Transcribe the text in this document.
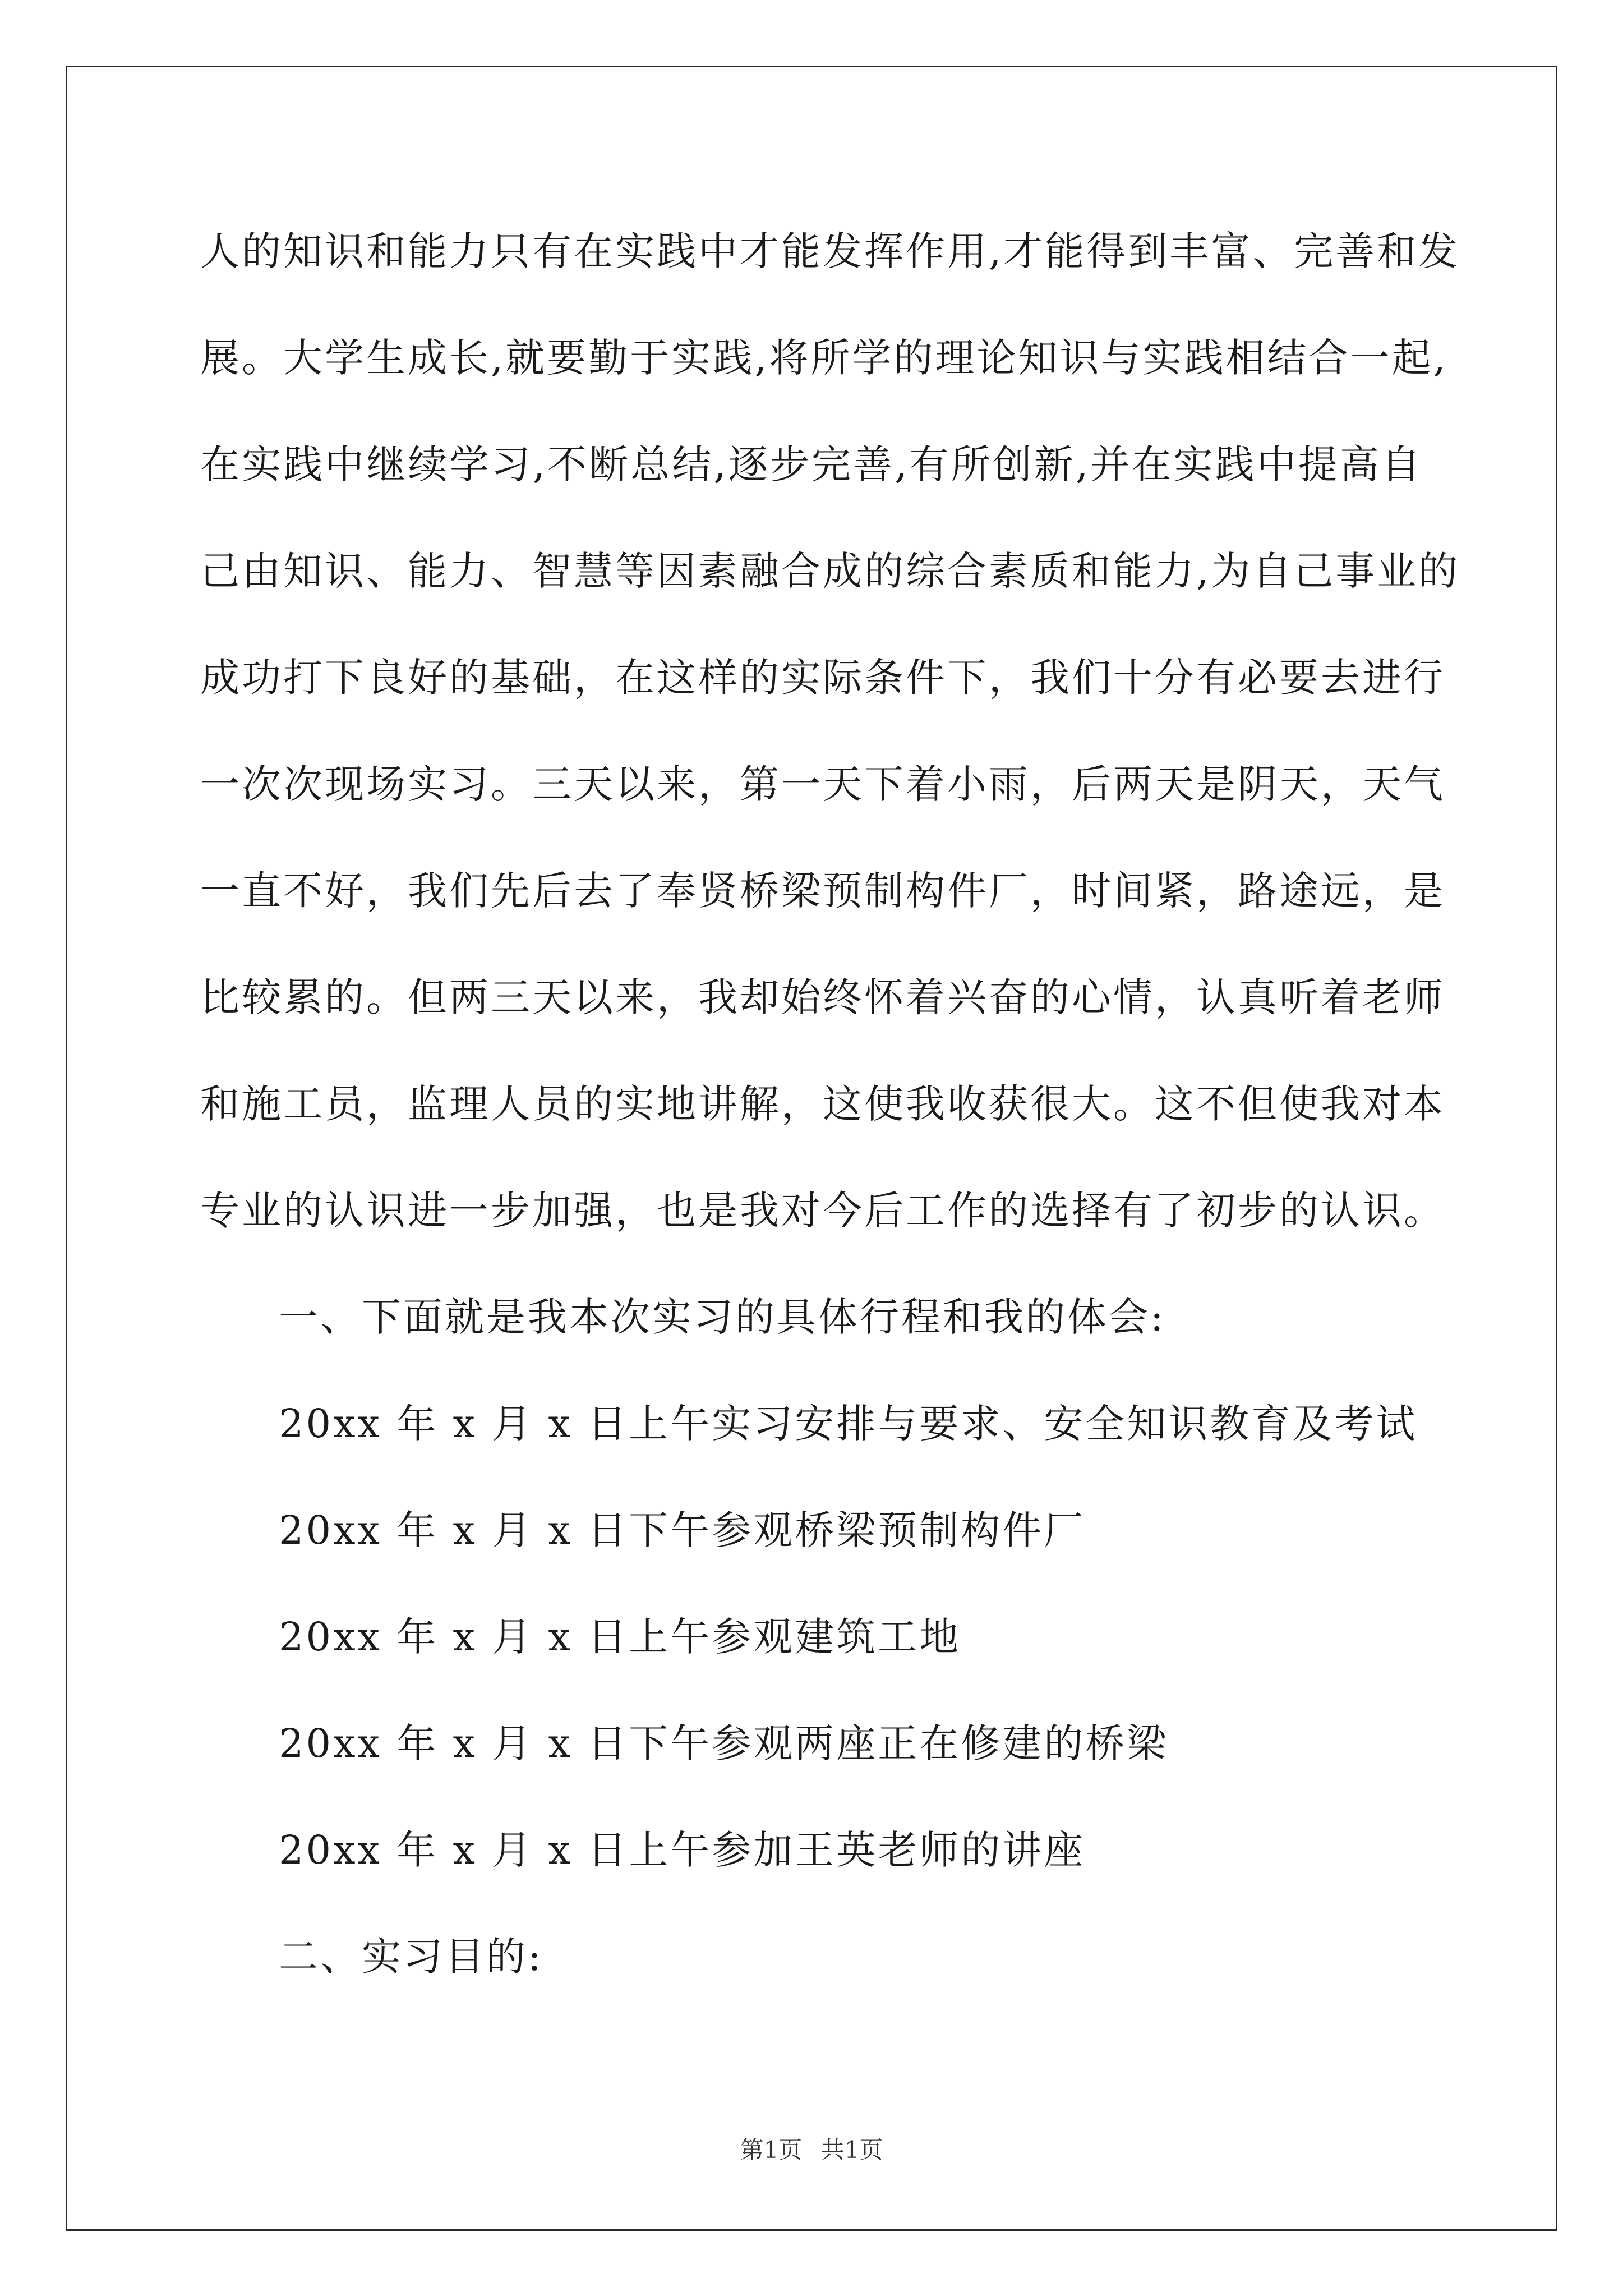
人的知识和能力只有在实践中才能发挥作用,才能得到丰富、完善和发
展。大学生成长,就要勤于实践,将所学的理论知识与实践相结合一起,
在实践中继续学习,不断总结,逐步完善,有所创新,并在实践中提高自
己由知识、能力、智慧等因素融合成的综合素质和能力,为自己事业的
成功打下良好的基础，在这样的实际条件下，我们十分有必要去进行
一次次现场实习。三天以来，第一天下着小雨，后两天是阴天，天气
一直不好，我们先后去了奉贤桥梁预制构件厂，时间紧，路途远，是
比较累的。但两三天以来，我却始终怀着兴奋的心情，认真听着老师
和施工员，监理人员的实地讲解，这使我收获很大。这不但使我对本
专业的认识进一步加强，也是我对今后工作的选择有了初步的认识。
一、下面就是我本次实习的具体行程和我的体会:
20xx 年 x 月 x 日上午实习安排与要求、安全知识教育及考试
20xx 年 x 月 x 日下午参观桥梁预制构件厂
20xx 年 x 月 x 日上午参观建筑工地
20xx 年 x 月 x 日下午参观两座正在修建的桥梁
20xx 年 x 月 x 日上午参加王英老师的讲座
二、实习目的:
第1页 共1页
